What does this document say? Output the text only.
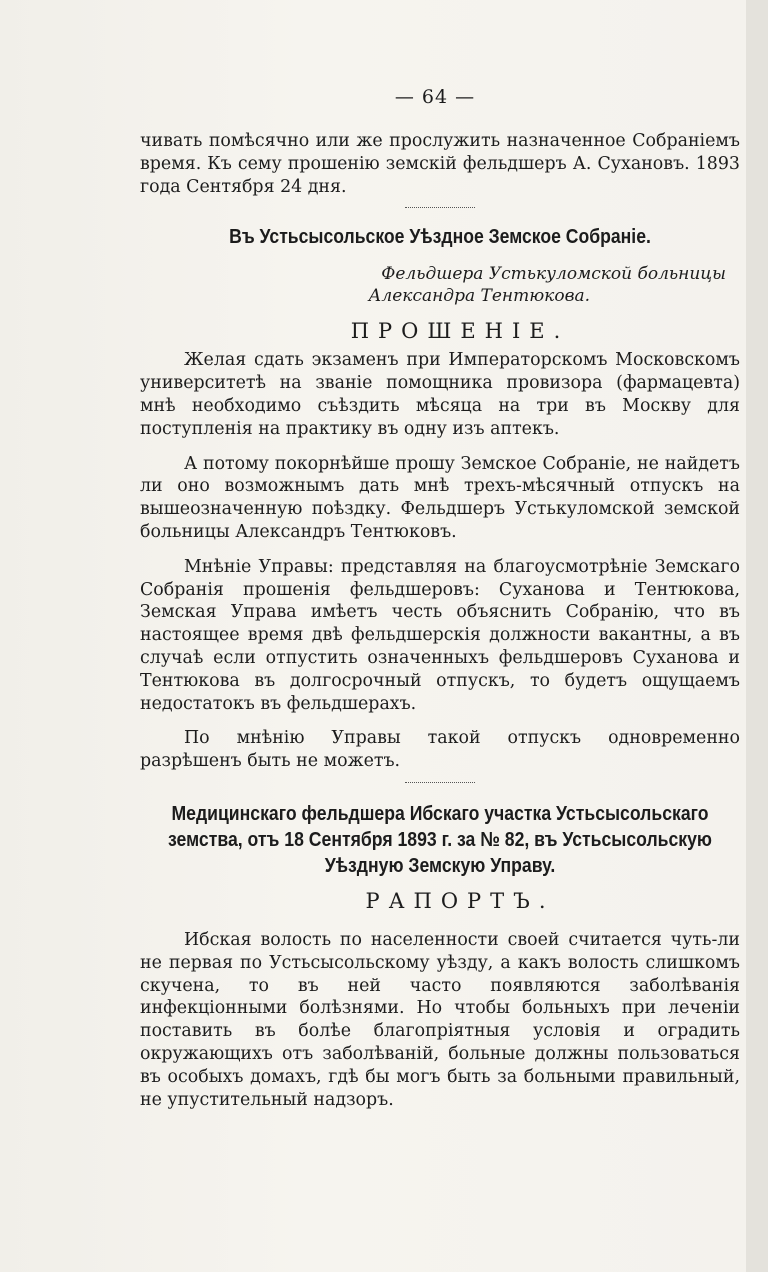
— 64 —

чивать помѣсячно или же прослужить назначенное Собраніемъ время. Къ сему прошенію земскій фельдшеръ А. Сухановъ. 1893 года Сентября 24 дня.

Въ Устьсысольское Уѣздное Земское Собраніе.
Фельдшера Устькуломской больницы
Александра Тентюкова.
ПРОШЕНІЕ.

Желая сдать экзаменъ при Императорскомъ Московскомъ университетѣ на званіе помощника провизора (фармацевта) мнѣ необходимо съѣздить мѣсяца на три въ Москву для поступленія на практику въ одну изъ аптекъ.

А потому покорнѣйше прошу Земское Собраніе, не найдетъ ли оно возможнымъ дать мнѣ трехъ-мѣсячный отпускъ на вышеозначенную поѣздку. Фельдшеръ Устькуломской земской больницы Александръ Тентюковъ.

Мнѣніе Управы: представляя на благоусмотрѣніе Земскаго Собранія прошенія фельдшеровъ: Суханова и Тентюкова, Земская Управа имѣетъ честь объяснить Собранію, что въ настоящее время двѣ фельдшерскія должности вакантны, а въ случаѣ если отпустить означенныхъ фельдшеровъ Суханова и Тентюкова въ долгосрочный отпускъ, то будетъ ощущаемъ недостатокъ въ фельдшерахъ.

По мнѣнію Управы такой отпускъ одновременно разрѣшенъ быть не можетъ.

Медицинскаго фельдшера Ибскаго участка Устьсысольскаго земства, отъ 18 Сентября 1893 г. за № 82, въ Устьсысольскую Уѣздную Земскую Управу.
РАПОРТЪ.

Ибская волость по населенности своей считается чуть-ли не первая по Устьсысольскому уѣзду, а какъ волость слишкомъ скучена, то въ ней часто появляются заболѣванія инфекціонными болѣзнями. Но чтобы больныхъ при леченіи поставить въ болѣе благопріятныя условія и оградить окружающихъ отъ заболѣваній, больные должны пользоваться въ особыхъ домахъ, гдѣ бы могъ быть за больными правильный, не упустительный надзоръ.
